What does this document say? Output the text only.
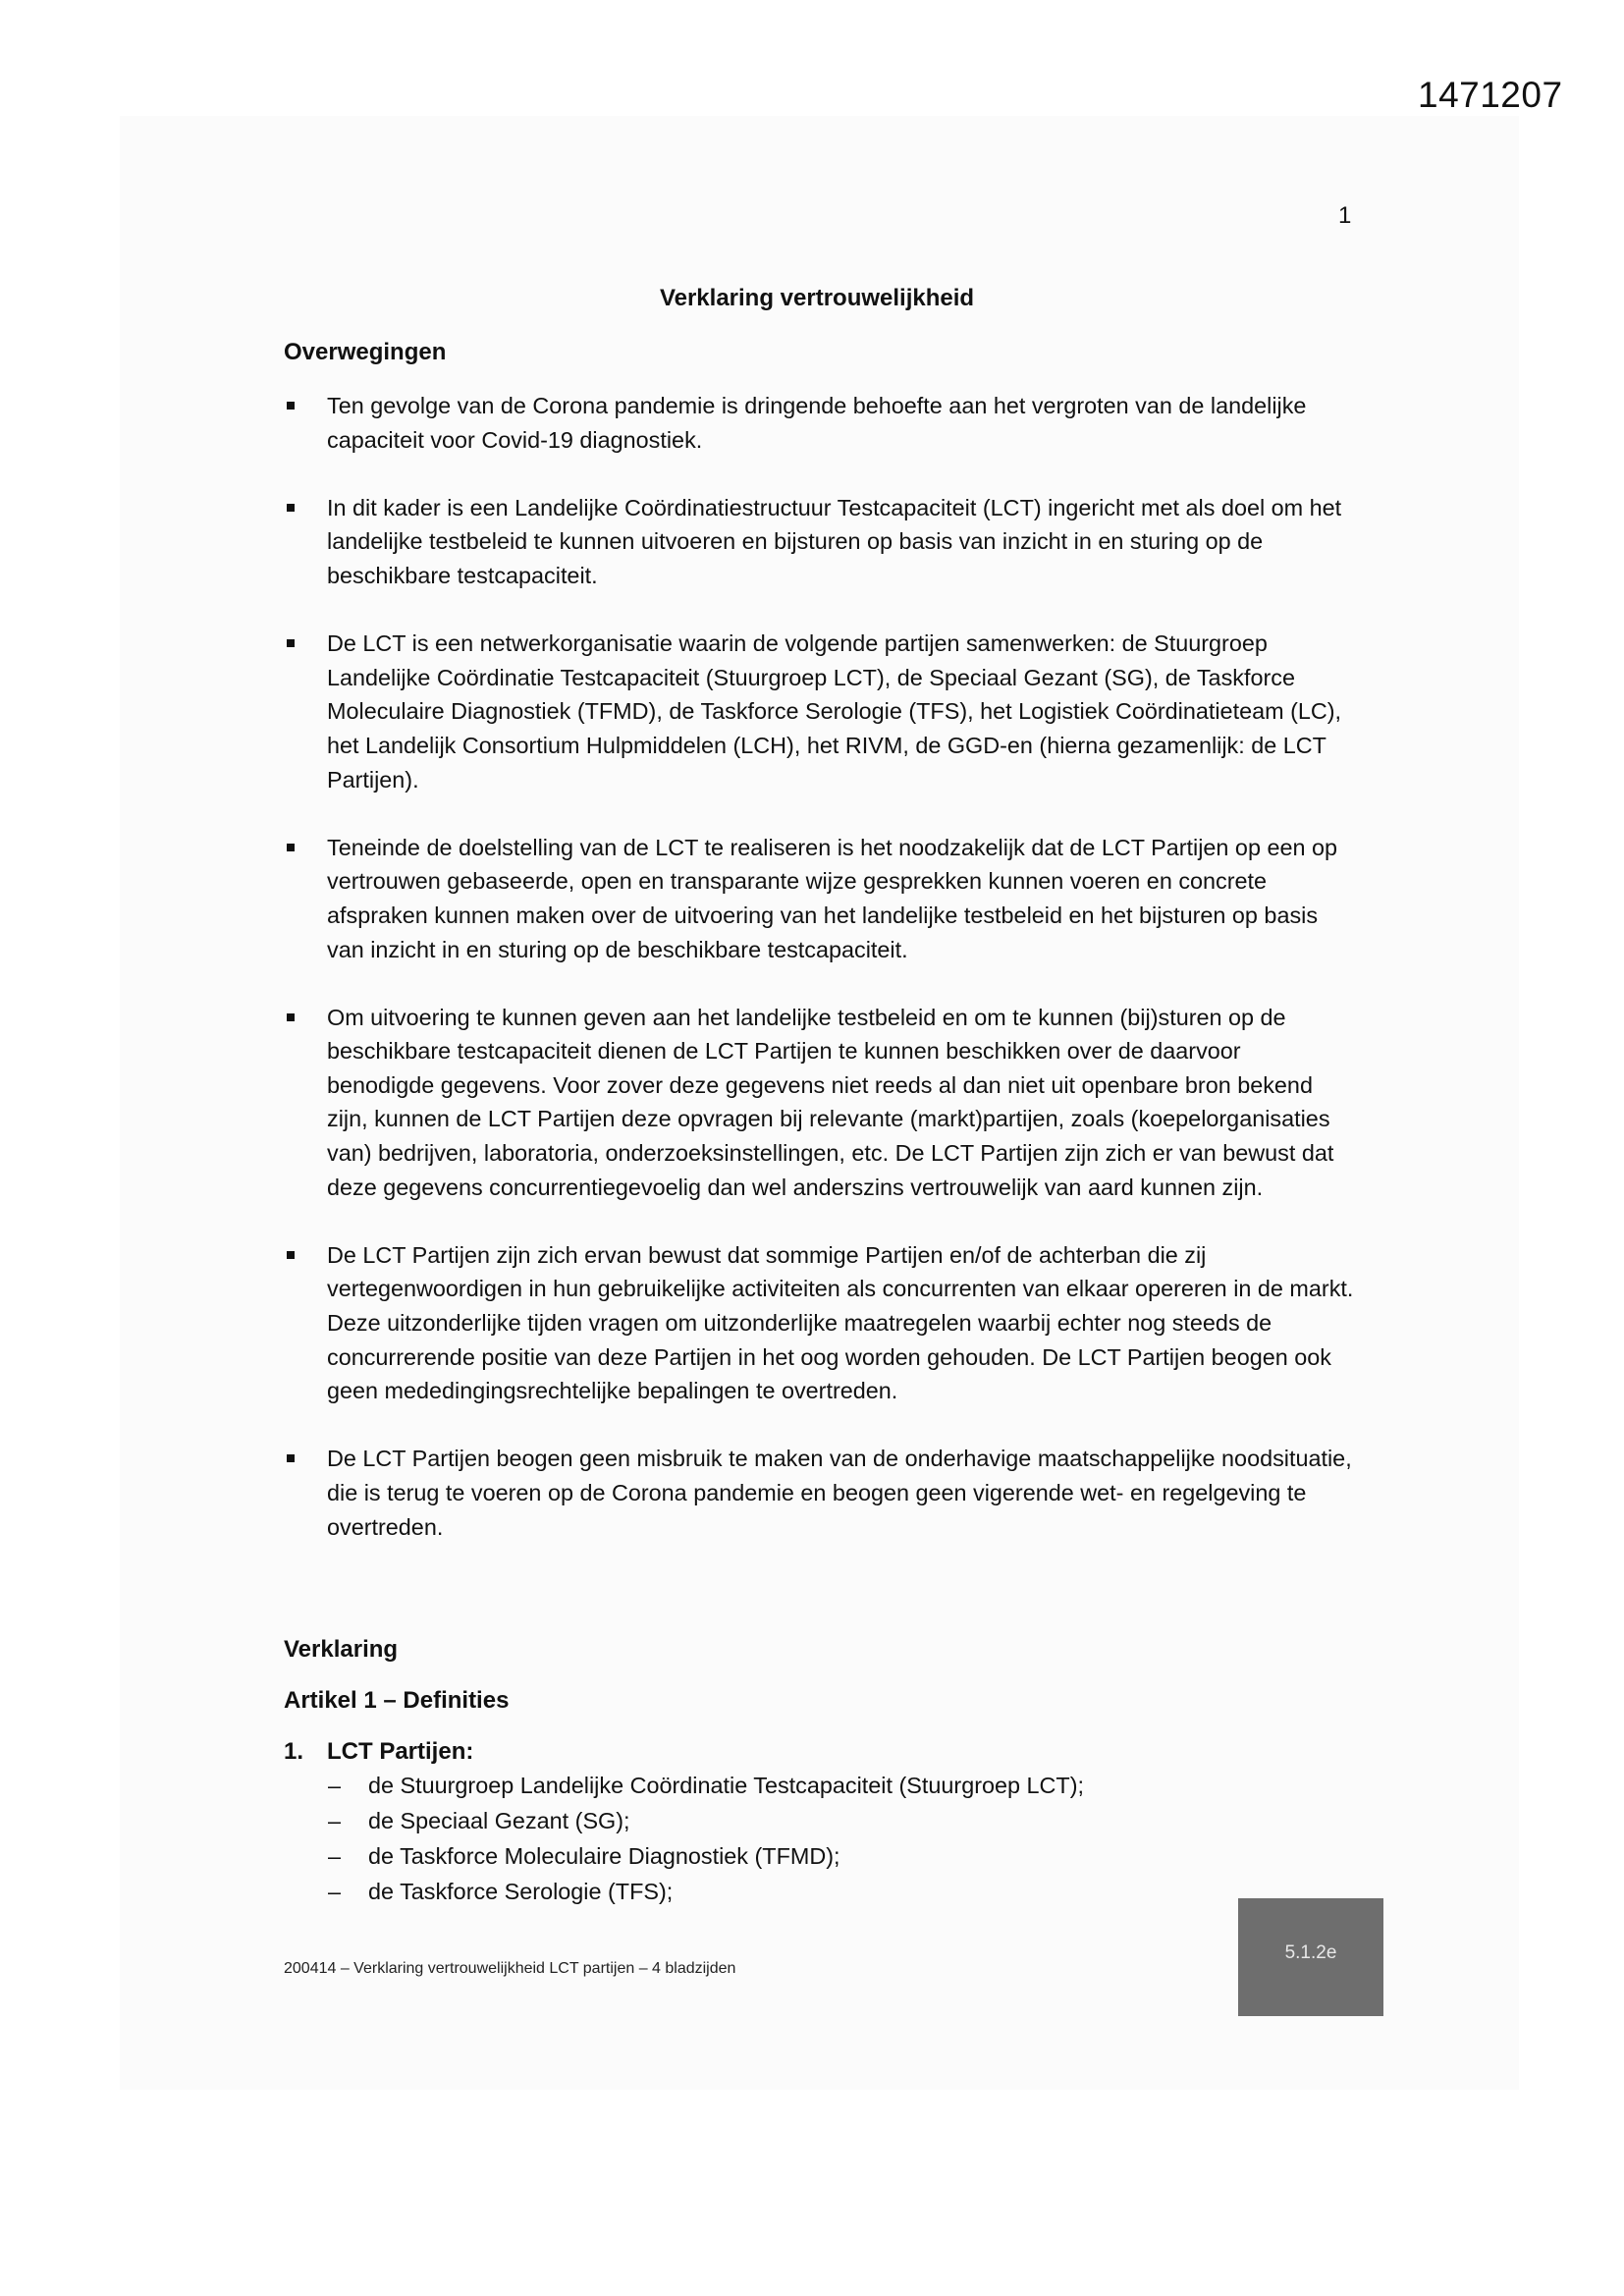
1471207
1
Verklaring vertrouwelijkheid
Overwegingen
Ten gevolge van de Corona pandemie is dringende behoefte aan het vergroten van de landelijke capaciteit voor Covid-19 diagnostiek.
In dit kader is een Landelijke Coördinatiestructuur Testcapaciteit (LCT) ingericht met als doel om het landelijke testbeleid te kunnen uitvoeren en bijsturen op basis van inzicht in en sturing op de beschikbare testcapaciteit.
De LCT is een netwerkorganisatie waarin de volgende partijen samenwerken: de Stuurgroep Landelijke Coördinatie Testcapaciteit (Stuurgroep LCT), de Speciaal Gezant (SG), de Taskforce Moleculaire Diagnostiek (TFMD), de Taskforce Serologie (TFS), het Logistiek Coördinatieteam (LC), het Landelijk Consortium Hulpmiddelen (LCH), het RIVM, de GGD-en (hierna gezamenlijk: de LCT Partijen).
Teneinde de doelstelling van de LCT te realiseren is het noodzakelijk dat de LCT Partijen op een op vertrouwen gebaseerde, open en transparante wijze gesprekken kunnen voeren en concrete afspraken kunnen maken over de uitvoering van het landelijke testbeleid en het bijsturen op basis van inzicht in en sturing op de beschikbare testcapaciteit.
Om uitvoering te kunnen geven aan het landelijke testbeleid en om te kunnen (bij)sturen op de beschikbare testcapaciteit dienen de LCT Partijen te kunnen beschikken over de daarvoor benodigde gegevens. Voor zover deze gegevens niet reeds al dan niet uit openbare bron bekend zijn, kunnen de LCT Partijen deze opvragen bij relevante (markt)partijen, zoals (koepelorganisaties van) bedrijven, laboratoria, onderzoeksinstellingen, etc. De LCT Partijen zijn zich er van bewust dat deze gegevens concurrentiegevoelig dan wel anderszins vertrouwelijk van aard kunnen zijn.
De LCT Partijen zijn zich ervan bewust dat sommige Partijen en/of de achterban die zij vertegenwoordigen in hun gebruikelijke activiteiten als concurrenten van elkaar opereren in de markt. Deze uitzonderlijke tijden vragen om uitzonderlijke maatregelen waarbij echter nog steeds de concurrerende positie van deze Partijen in het oog worden gehouden. De LCT Partijen beogen ook geen mededingingsrechtelijke bepalingen te overtreden.
De LCT Partijen beogen geen misbruik te maken van de onderhavige maatschappelijke noodsituatie, die is terug te voeren op de Corona pandemie en beogen geen vigerende wet- en regelgeving te overtreden.
Verklaring
Artikel 1 – Definities
1. LCT Partijen:
– de Stuurgroep Landelijke Coördinatie Testcapaciteit (Stuurgroep LCT);
– de Speciaal Gezant (SG);
– de Taskforce Moleculaire Diagnostiek (TFMD);
– de Taskforce Serologie (TFS);
200414 – Verklaring vertrouwelijkheid LCT partijen – 4 bladzijden
5.1.2e
